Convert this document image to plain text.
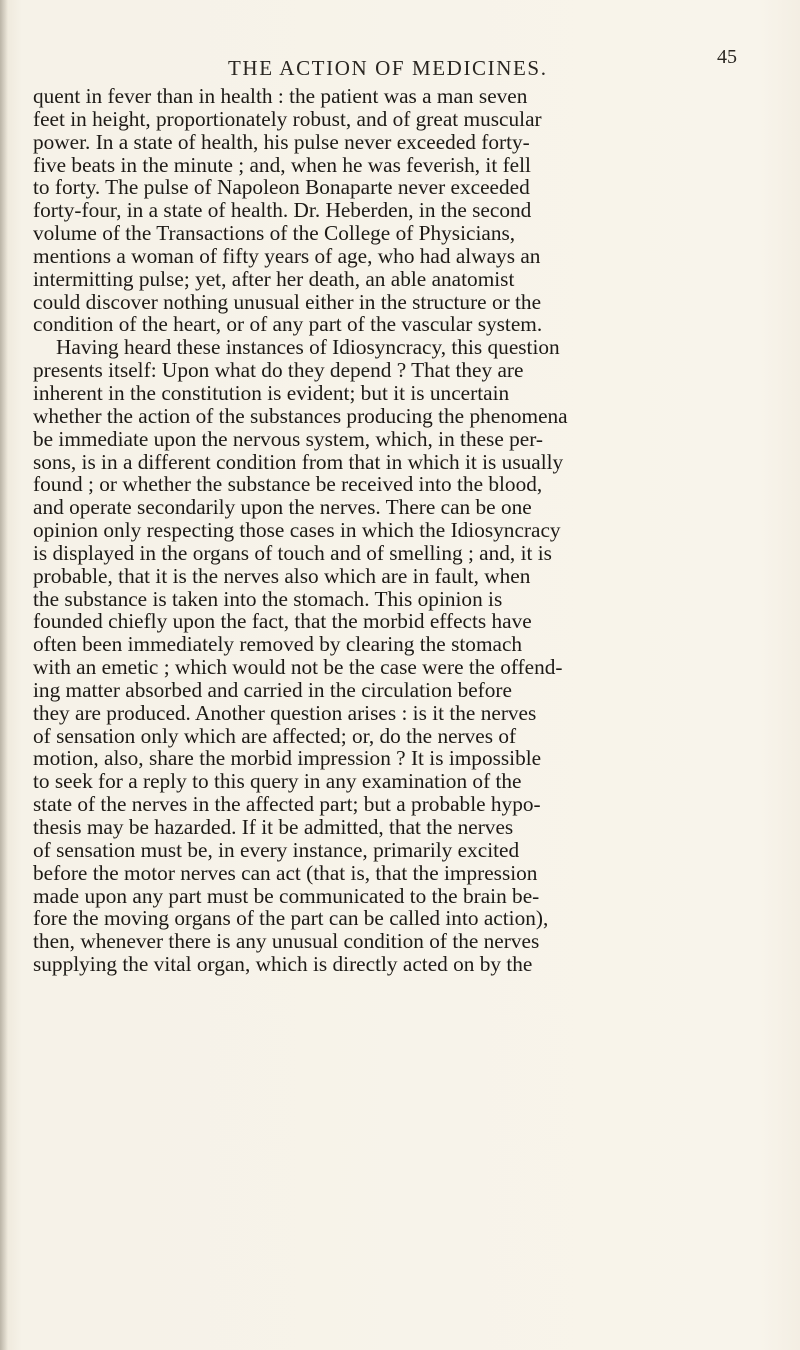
THE ACTION OF MEDICINES.	45
quent in fever than in health : the patient was a man seven
feet in height, proportionately robust, and of great muscular
power. In a state of health, his pulse never exceeded forty-
five beats in the minute ; and, when he was feverish, it fell
to forty. The pulse of Napoleon Bonaparte never exceeded
forty-four, in a state of health. Dr. Heberden, in the second
volume of the Transactions of the College of Physicians,
mentions a woman of fifty years of age, who had always an
intermitting pulse; yet, after her death, an able anatomist
could discover nothing unusual either in the structure or the
condition of the heart, or of any part of the vascular system.
Having heard these instances of Idiosyncracy, this question
presents itself: Upon what do they depend ? That they are
inherent in the constitution is evident; but it is uncertain
whether the action of the substances producing the phenomena
be immediate upon the nervous system, which, in these per-
sons, is in a different condition from that in which it is usually
found ; or whether the substance be received into the blood,
and operate secondarily upon the nerves. There can be one
opinion only respecting those cases in which the Idiosyncracy
is displayed in the organs of touch and of smelling ; and, it is
probable, that it is the nerves also which are in fault, when
the substance is taken into the stomach. This opinion is
founded chiefly upon the fact, that the morbid effects have
often been immediately removed by clearing the stomach
with an emetic ; which would not be the case were the offend-
ing matter absorbed and carried in the circulation before
they are produced. Another question arises : is it the nerves
of sensation only which are affected; or, do the nerves of
motion, also, share the morbid impression ? It is impossible
to seek for a reply to this query in any examination of the
state of the nerves in the affected part; but a probable hypo-
thesis may be hazarded. If it be admitted, that the nerves
of sensation must be, in every instance, primarily excited
before the motor nerves can act (that is, that the impression
made upon any part must be communicated to the brain be-
fore the moving organs of the part can be called into action),
then, whenever there is any unusual condition of the nerves
supplying the vital organ, which is directly acted on by the
